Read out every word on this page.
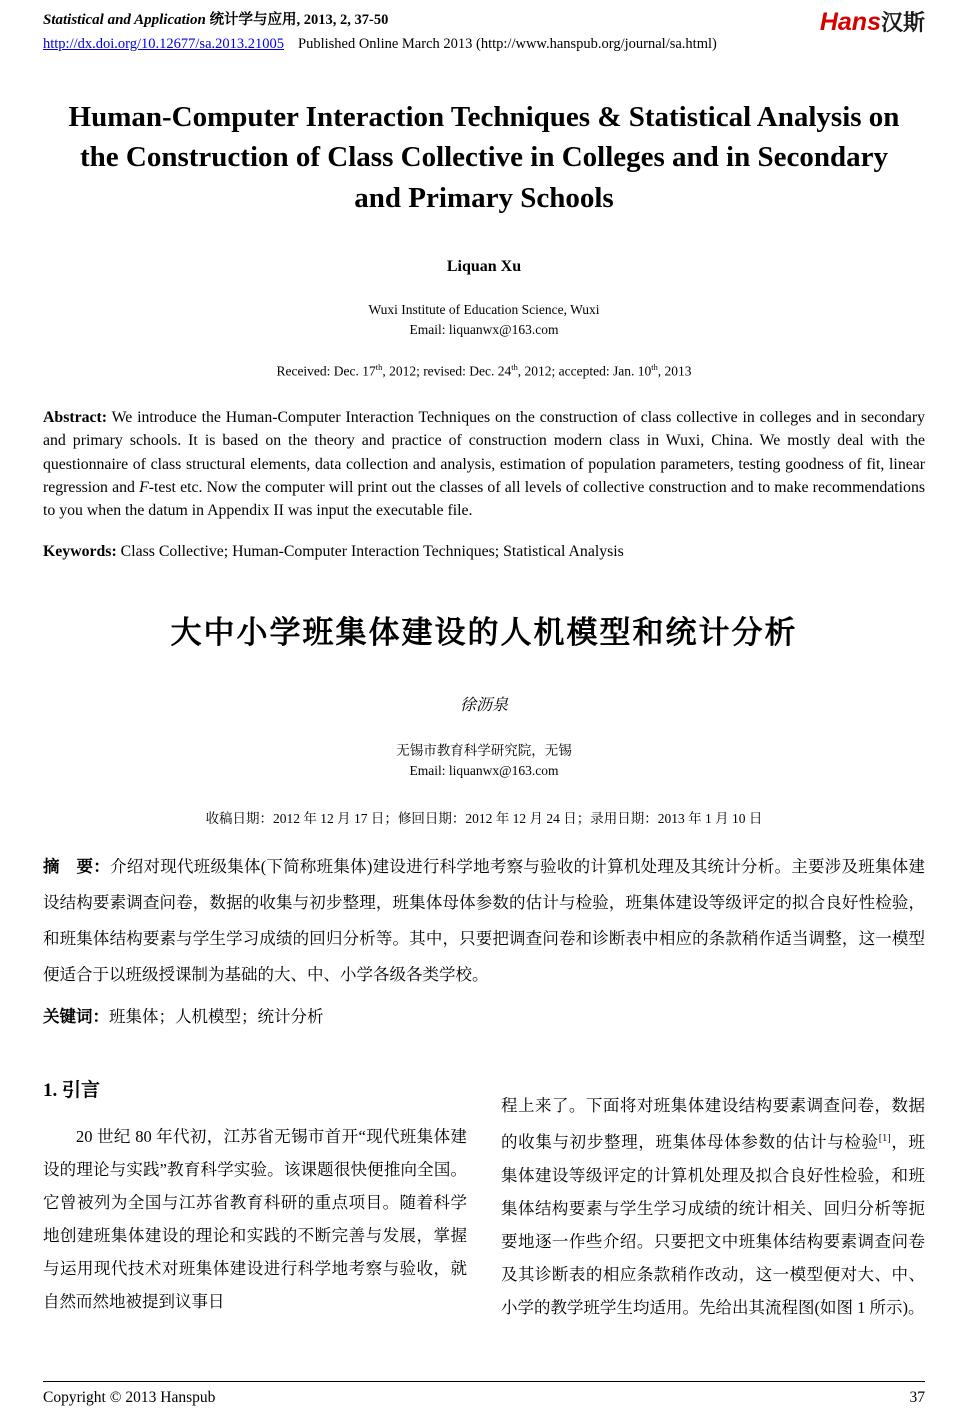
Hans汉斯
Statistical and Application 统计学与应用, 2013, 2, 37-50
http://dx.doi.org/10.12677/sa.2013.21005 Published Online March 2013 (http://www.hanspub.org/journal/sa.html)
Human-Computer Interaction Techniques & Statistical Analysis on the Construction of Class Collective in Colleges and in Secondary and Primary Schools
Liquan Xu
Wuxi Institute of Education Science, Wuxi
Email: liquanwx@163.com
Received: Dec. 17th, 2012; revised: Dec. 24th, 2012; accepted: Jan. 10th, 2013
Abstract: We introduce the Human-Computer Interaction Techniques on the construction of class collective in colleges and in secondary and primary schools. It is based on the theory and practice of construction modern class in Wuxi, China. We mostly deal with the questionnaire of class structural elements, data collection and analysis, estimation of population parameters, testing goodness of fit, linear regression and F-test etc. Now the computer will print out the classes of all levels of collective construction and to make recommendations to you when the datum in Appendix II was input the executable file.
Keywords: Class Collective; Human-Computer Interaction Techniques; Statistical Analysis
大中小学班集体建设的人机模型和统计分析
徐沥泉
无锡市教育科学研究院，无锡
Email: liquanwx@163.com
收稿日期：2012 年 12 月 17 日；修回日期：2012 年 12 月 24 日；录用日期：2013 年 1 月 10 日
摘　要：介绍对现代班级集体(下简称班集体)建设进行科学地考察与验收的计算机处理及其统计分析。主要涉及班集体建设结构要素调查问卷，数据的收集与初步整理，班集体母体参数的估计与检验，班集体建设等级评定的拟合良好性检验，和班集体结构要素与学生学习成绩的回归分析等。其中，只要把调查问卷和诊断表中相应的条款稍作适当调整，这一模型便适合于以班级授课制为基础的大、中、小学各级各类学校。
关键词：班集体；人机模型；统计分析
1. 引言
20 世纪 80 年代初，江苏省无锡市首开“现代班集体建设的理论与实践”教育科学实验。该课题很快便推向全国。它曾被列为全国与江苏省教育科研的重点项目。随着科学地创建班集体建设的理论和实践的不断完善与发展，掌握与运用现代技术对班集体建设进行科学地考察与验收，就自然而然地被提到议事日
程上来了。下面将对班集体建设结构要素调查问卷，数据的收集与初步整理，班集体母体参数的估计与检验[1]，班集体建设等级评定的计算机处理及拟合良好性检验，和班集体结构要素与学生学习成绩的统计相关、回归分析等扼要地逐一作些介绍。只要把文中班集体结构要素调查问卷及其诊断表的相应条款稍作改动，这一模型便对大、中、小学的教学班学生均适用。先给出其流程图(如图 1 所示)。
Copyright © 2013 Hanspub	37
